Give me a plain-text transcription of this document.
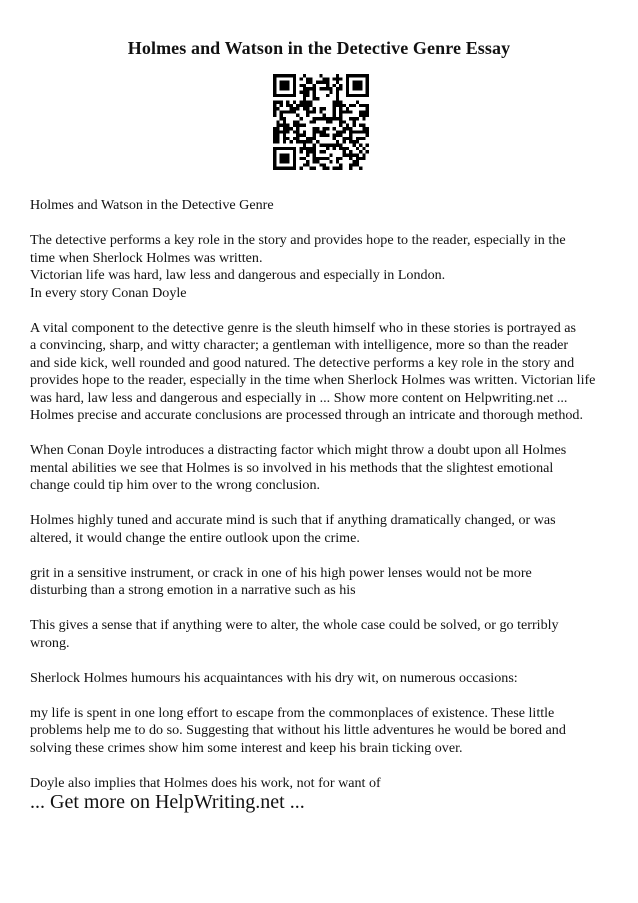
Holmes and Watson in the Detective Genre Essay

Holmes and Watson in the Detective Genre

The detective performs a key role in the story and provides hope to the reader, especially in the
time when Sherlock Holmes was written.
Victorian life was hard, law less and dangerous and especially in London.
In every story Conan Doyle

A vital component to the detective genre is the sleuth himself who in these stories is portrayed as
a convincing, sharp, and witty character; a gentleman with intelligence, more so than the reader
and side kick, well rounded and good natured. The detective performs a key role in the story and
provides hope to the reader, especially in the time when Sherlock Holmes was written. Victorian life
was hard, law less and dangerous and especially in ... Show more content on Helpwriting.net ...
Holmes precise and accurate conclusions are processed through an intricate and thorough method.

When Conan Doyle introduces a distracting factor which might throw a doubt upon all Holmes
mental abilities we see that Holmes is so involved in his methods that the slightest emotional
change could tip him over to the wrong conclusion.

Holmes highly tuned and accurate mind is such that if anything dramatically changed, or was
altered, it would change the entire outlook upon the crime.

grit in a sensitive instrument, or crack in one of his high power lenses would not be more
disturbing than a strong emotion in a narrative such as his

This gives a sense that if anything were to alter, the whole case could be solved, or go terribly
wrong.

Sherlock Holmes humours his acquaintances with his dry wit, on numerous occasions:

my life is spent in one long effort to escape from the commonplaces of existence. These little
problems help me to do so. Suggesting that without his little adventures he would be bored and
solving these crimes show him some interest and keep his brain ticking over.

Doyle also implies that Holmes does his work, not for want of

... Get more on HelpWriting.net ...
